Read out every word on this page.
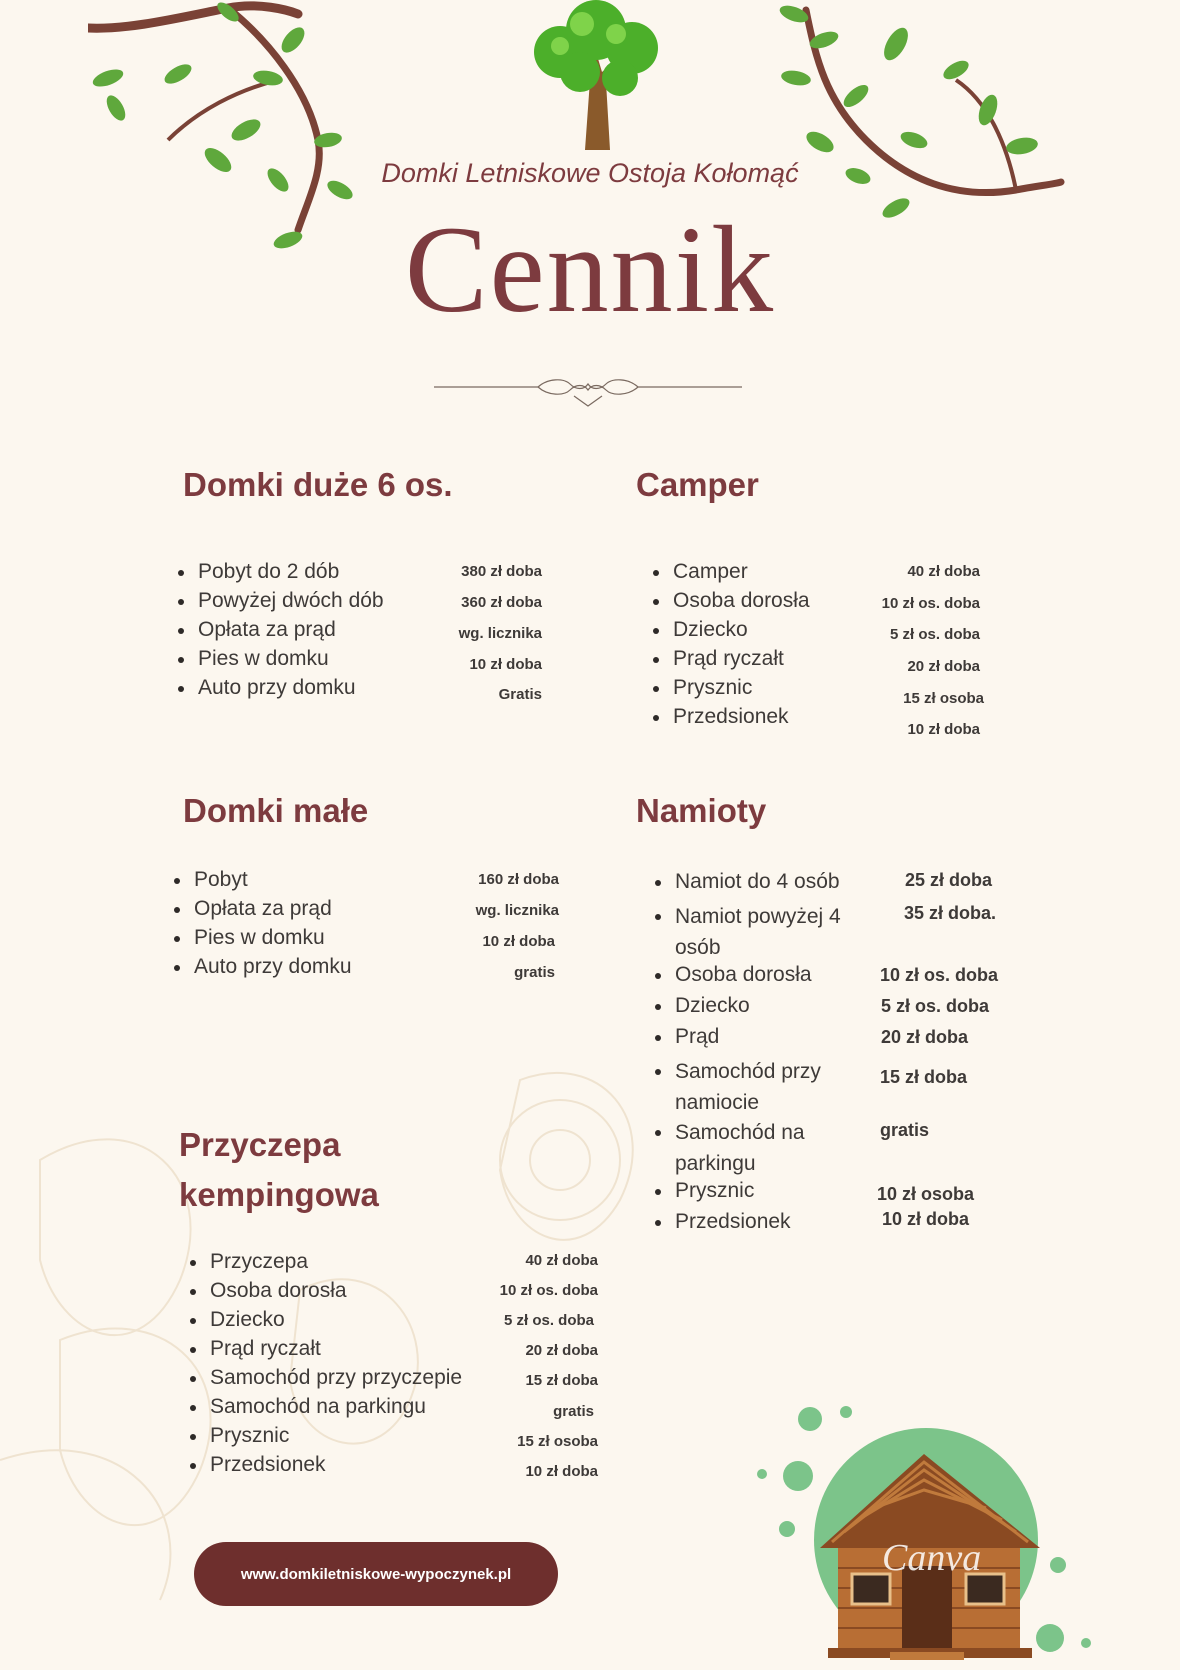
Domki Letniskowe Ostoja Kołomąć
Cennik
Domki duże 6 os.
Pobyt do 2 dób
Powyżej dwóch dób
Opłata za prąd
Pies w domku
Auto przy domku
380 zł doba
360 zł doba
wg. licznika
10 zł doba
Gratis
Camper
Camper
Osoba dorosła
Dziecko
Prąd ryczałt
Prysznic
Przedsionek
40 zł doba
10 zł os. doba
5 zł os. doba
20 zł doba
15 zł osoba
10 zł doba
Domki małe
Pobyt
Opłata za prąd
Pies w domku
Auto przy domku
160 zł doba
wg. licznika
10 zł doba
gratis
Namioty
Namiot do 4 osób
Namiot powyżej 4
osób
Osoba dorosła
Dziecko
Prąd
Samochód przy
namiocie
Samochód na
parkingu
Prysznic
Przedsionek
25 zł doba
35 zł doba.
10 zł os. doba
5 zł os. doba
20 zł doba
15 zł doba
gratis
10 zł osoba
10 zł doba
Przyczepa
kempingowa
Przyczepa
Osoba dorosła
Dziecko
Prąd ryczałt
Samochód przy przyczepie
Samochód na parkingu
Prysznic
Przedsionek
40 zł doba
10 zł os. doba
5 zł os. doba
20 zł doba
15 zł doba
gratis
15 zł osoba
10 zł doba
www.domkiletniskowe-wypoczynek.pl	Canva
